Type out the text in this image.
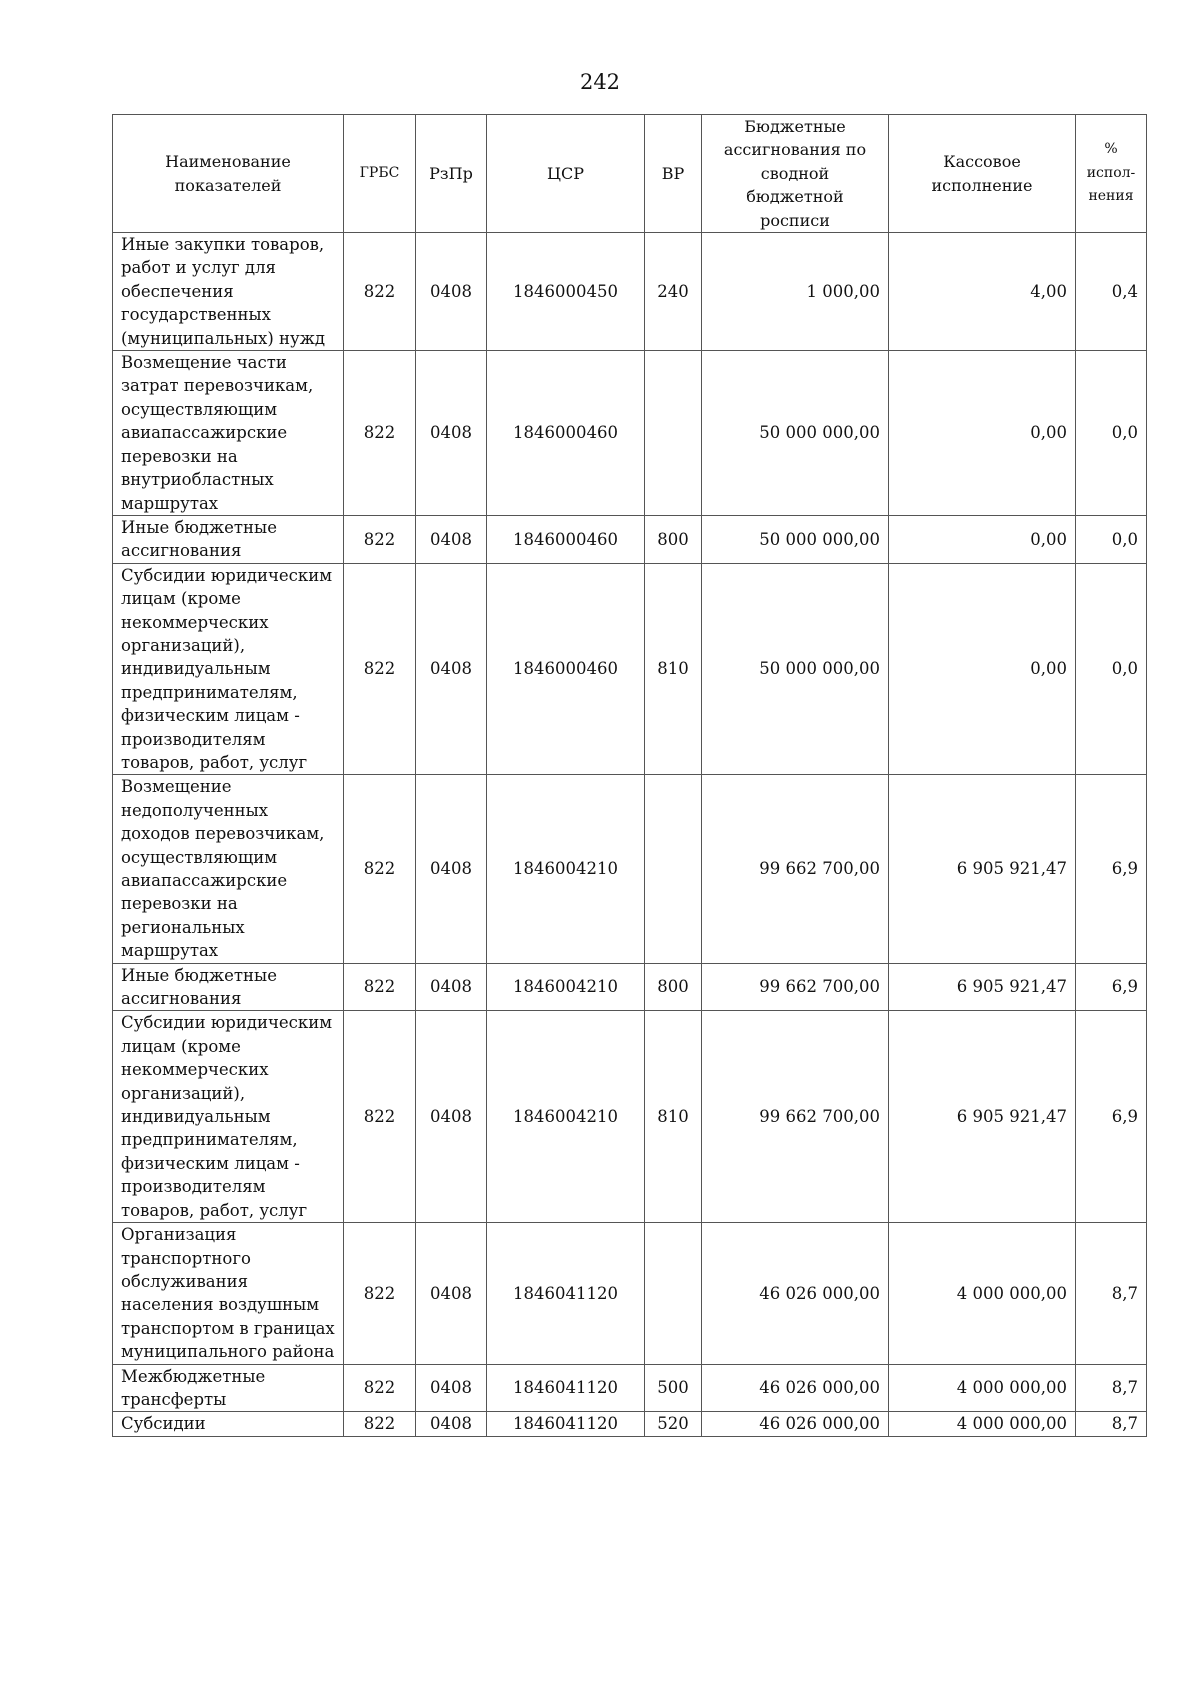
242
Наименование показателей	ГРБС	РзПр	ЦСР	ВР	Бюджетные ассигнования по сводной бюджетной росписи	Кассовое исполнение	% испол-нения
Иные закупки товаров, работ и услуг для обеспечения государственных (муниципальных) нужд	822	0408	1846000450	240	1 000,00	4,00	0,4
Возмещение части затрат перевозчикам, осуществляющим авиапассажирские перевозки на внутриобластных маршрутах	822	0408	1846000460		50 000 000,00	0,00	0,0
Иные бюджетные ассигнования	822	0408	1846000460	800	50 000 000,00	0,00	0,0
Субсидии юридическим лицам (кроме некоммерческих организаций), индивидуальным предпринимателям, физическим лицам - производителям товаров, работ, услуг	822	0408	1846000460	810	50 000 000,00	0,00	0,0
Возмещение недополученных доходов перевозчикам, осуществляющим авиапассажирские перевозки на региональных маршрутах	822	0408	1846004210		99 662 700,00	6 905 921,47	6,9
Иные бюджетные ассигнования	822	0408	1846004210	800	99 662 700,00	6 905 921,47	6,9
Субсидии юридическим лицам (кроме некоммерческих организаций), индивидуальным предпринимателям, физическим лицам - производителям товаров, работ, услуг	822	0408	1846004210	810	99 662 700,00	6 905 921,47	6,9
Организация транспортного обслуживания населения воздушным транспортом в границах муниципального района	822	0408	1846041120		46 026 000,00	4 000 000,00	8,7
Межбюджетные трансферты	822	0408	1846041120	500	46 026 000,00	4 000 000,00	8,7
Субсидии	822	0408	1846041120	520	46 026 000,00	4 000 000,00	8,7
